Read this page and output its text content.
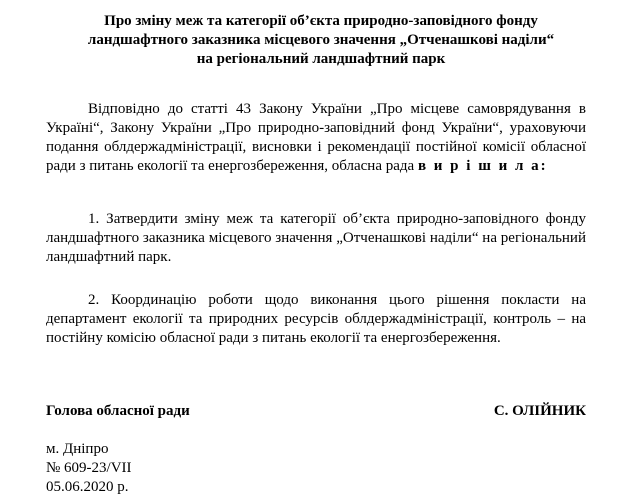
Про зміну меж та категорії об’єкта природно-заповідного фонду
ландшафтного заказника місцевого значення „Отченашкові наділи“
на регіональний ландшафтний парк

Відповідно до статті 43 Закону України „Про місцеве самоврядування в Україні“, Закону України „Про природно-заповідний фонд України“, ураховуючи подання облдержадміністрації, висновки і рекомендації постійної комісії обласної ради з питань екології та енергозбереження, обласна рада в и р і ш и л а:

1. Затвердити зміну меж та категорії об’єкта природно-заповідного фонду ландшафтного заказника місцевого значення „Отченашкові наділи“ на регіональний ландшафтний парк.

2. Координацію роботи щодо виконання цього рішення покласти на департамент екології та природних ресурсів облдержадміністрації, контроль – на постійну комісію обласної ради з питань екології та енергозбереження.

Голова обласної ради	С. ОЛІЙНИК
м. Дніпро
№ 609-23/VII
05.06.2020 р.
